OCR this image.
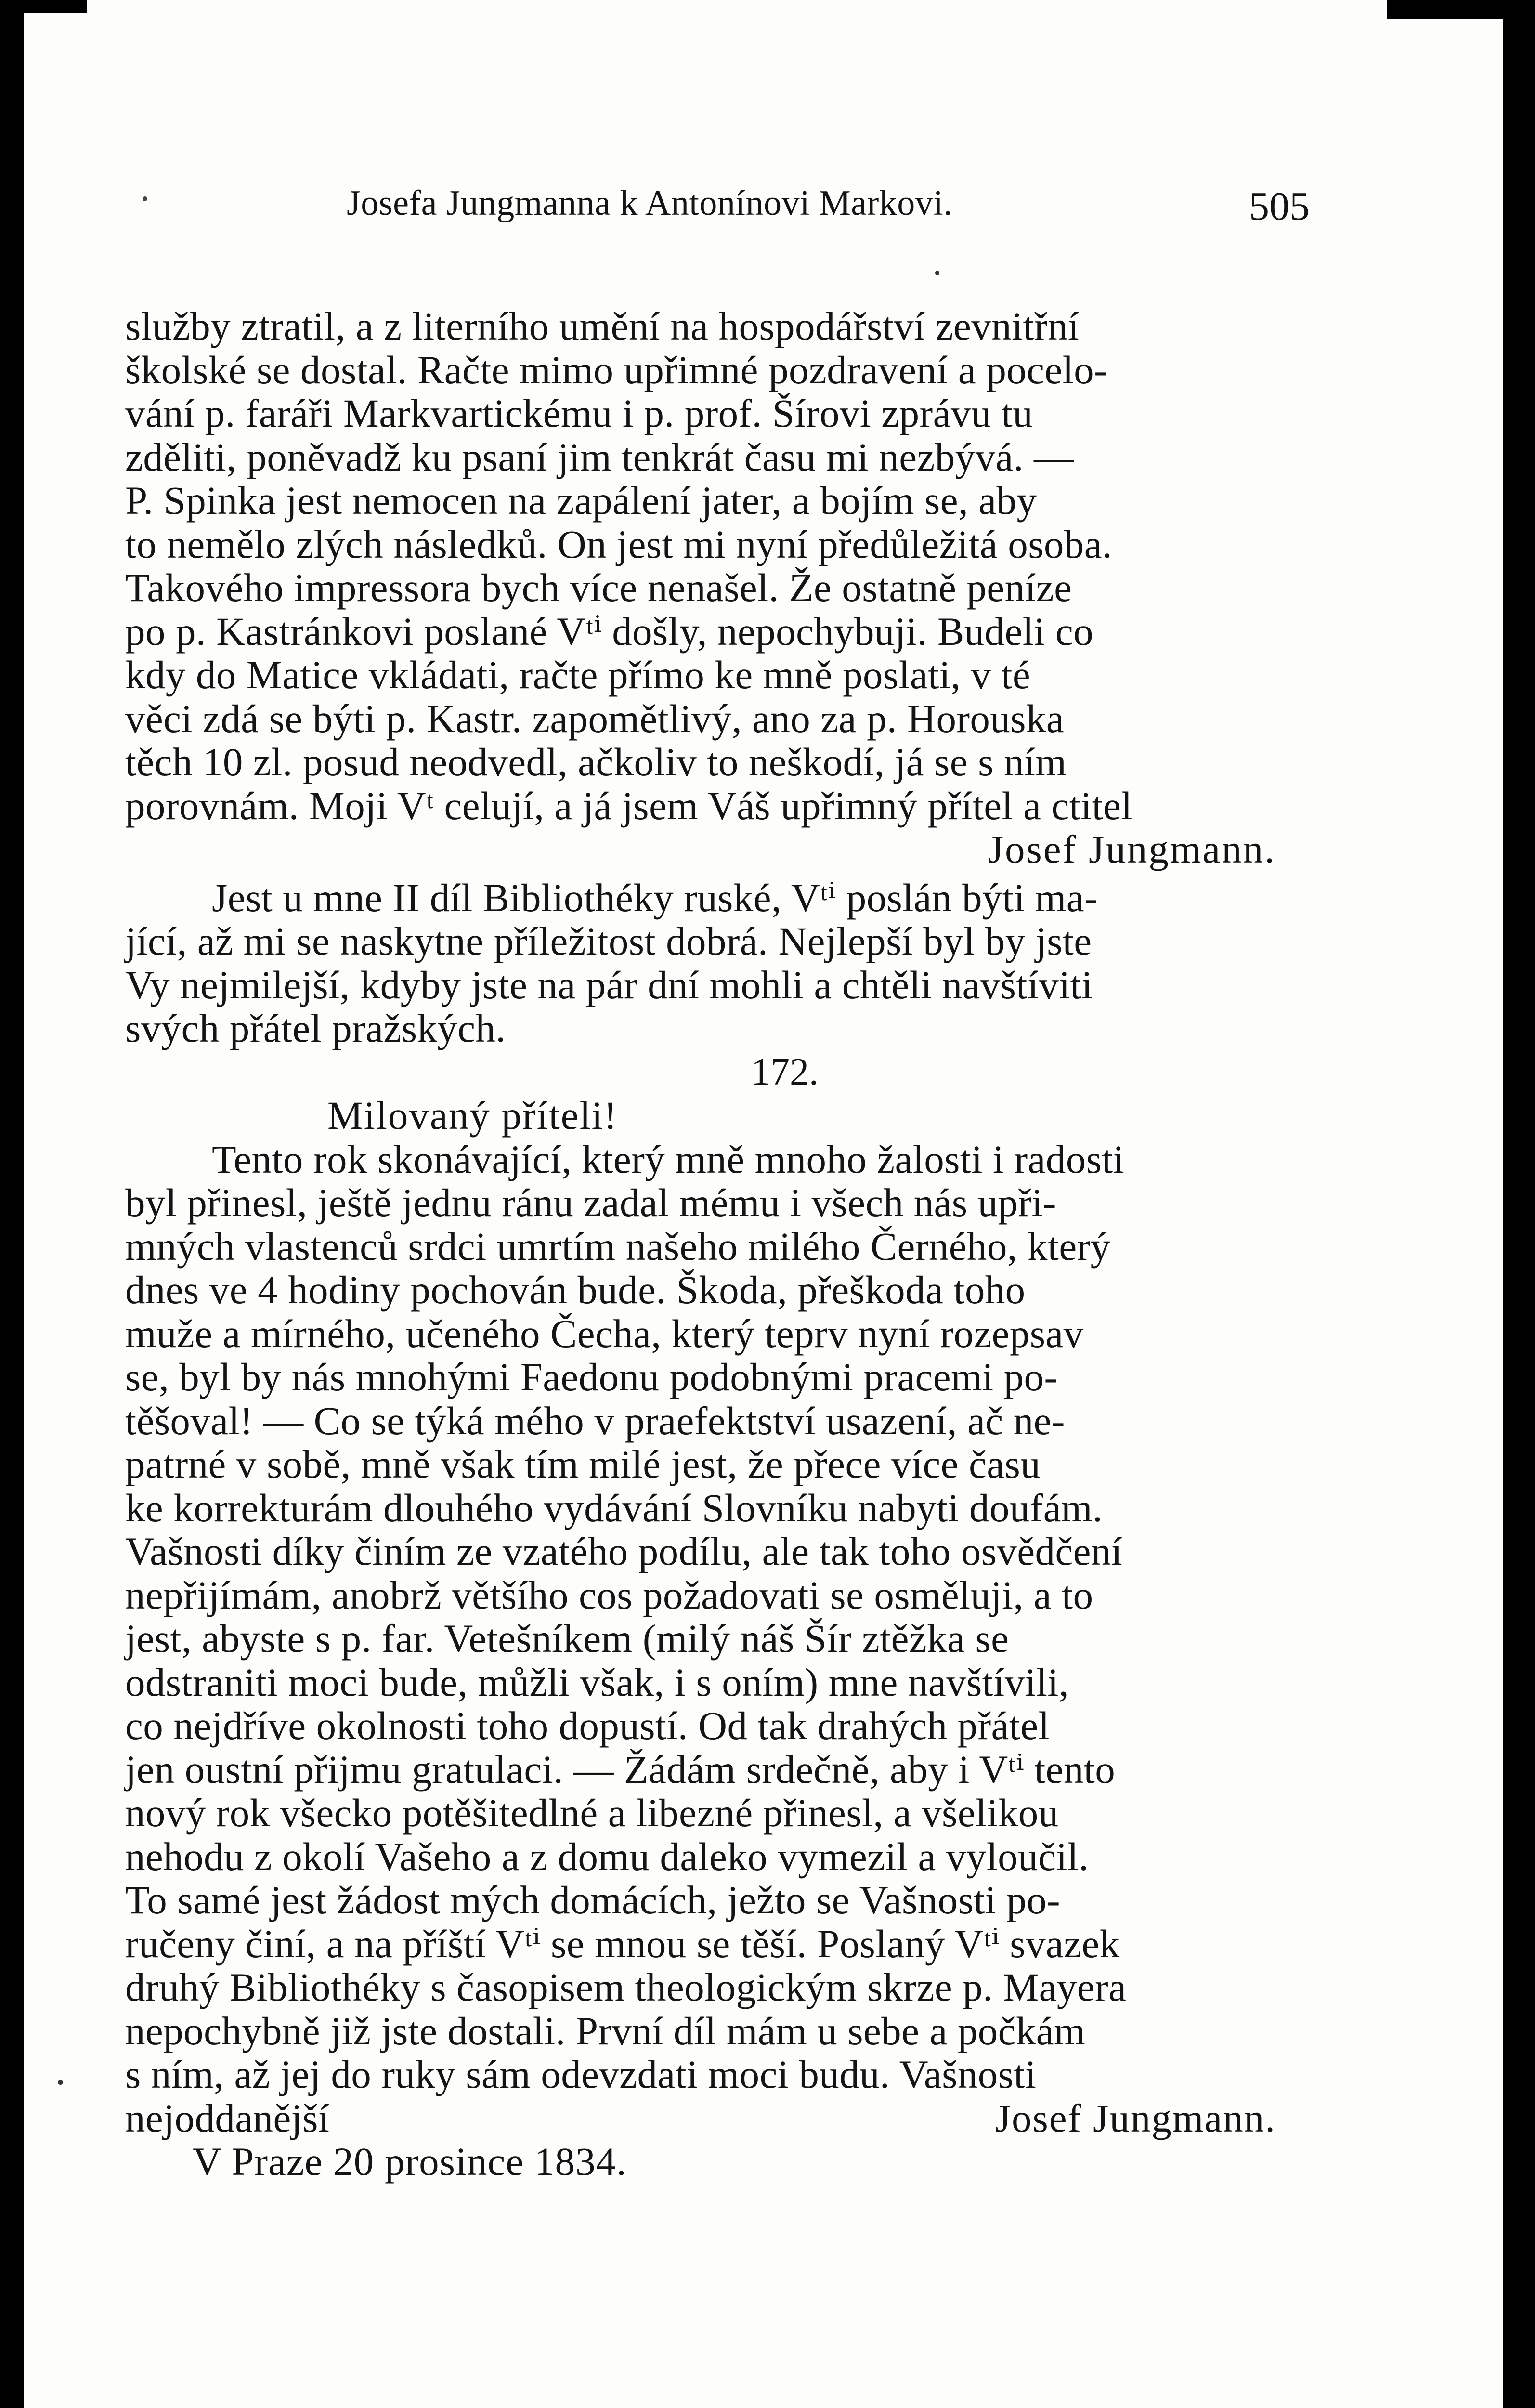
Josefa Jungmanna k Antonínovi Markovi.	505

služby ztratil, a z literního umění na hospodářství zevnitřní

školské se dostal. Račte mimo upřimné pozdravení a pocelo-

vání p. faráři Markvartickému i p. prof. Šírovi zprávu tu

zděliti, poněvadž ku psaní jim tenkrát času mi nezbývá. —

P. Spinka jest nemocen na zapálení jater, a bojím se, aby

to nemělo zlých následků. On jest mi nyní předůležitá osoba.

Takového impressora bych více nenašel. Že ostatně peníze

po p. Kastránkovi poslané Vᵗⁱ došly, nepochybuji. Budeli co

kdy do Matice vkládati, račte přímo ke mně poslati, v té

věci zdá se býti p. Kastr. zapomětlivý, ano za p. Horouska

těch 10 zl. posud neodvedl, ačkoliv to neškodí, já se s ním

porovnám. Moji Vᵗ celují, a já jsem Váš upřimný přítel a ctitel

Josef Jungmann.

Jest u mne II díl Bibliothéky ruské, Vᵗⁱ poslán býti ma-

jící, až mi se naskytne příležitost dobrá. Nejlepší byl by jste

Vy nejmilejší, kdyby jste na pár dní mohli a chtěli navštíviti

svých přátel pražských.

172.

Milovaný příteli!

Tento rok skonávající, který mně mnoho žalosti i radosti

byl přinesl, ještě jednu ránu zadal mému i všech nás upři-

mných vlastenců srdci umrtím našeho milého Černého, který

dnes ve 4 hodiny pochován bude. Škoda, přeškoda toho

muže a mírného, učeného Čecha, který teprv nyní rozepsav

se, byl by nás mnohými Faedonu podobnými pracemi po-

těšoval! — Co se týká mého v praefektství usazení, ač ne-

patrné v sobě, mně však tím milé jest, že přece více času

ke korrekturám dlouhého vydávání Slovníku nabyti doufám.

Vašnosti díky činím ze vzatého podílu, ale tak toho osvědčení

nepřijímám, anobrž většího cos požadovati se osměluji, a to

jest, abyste s p. far. Vetešníkem (milý náš Šír ztěžka se

odstraniti moci bude, můžli však, i s oním) mne navštívili,

co nejdříve okolnosti toho dopustí. Od tak drahých přátel

jen oustní přijmu gratulaci. — Žádám srdečně, aby i Vᵗⁱ tento

nový rok všecko potěšitedlné a libezné přinesl, a všelikou

nehodu z okolí Vašeho a z domu daleko vymezil a vyloučil.

To samé jest žádost mých domácích, ježto se Vašnosti po-

ručeny činí, a na příští Vᵗⁱ se mnou se těší. Poslaný Vᵗⁱ svazek

druhý Bibliothéky s časopisem theologickým skrze p. Mayera

nepochybně již jste dostali. První díl mám u sebe a počkám

s ním, až jej do ruky sám odevzdati moci budu. Vašnosti

nejoddanější	Josef Jungmann.

V Praze 20 prosince 1834.
